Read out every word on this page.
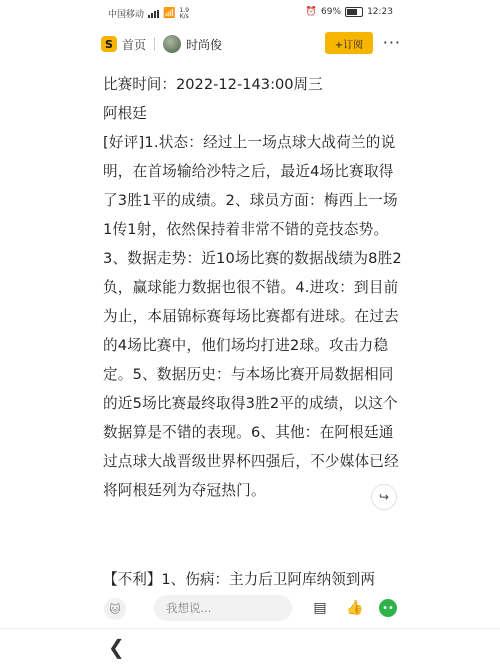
中国移动 📶 1.9
K/s	⏰ 69%	12:23
S 首页	时尚俊	+订阅	···

比赛时间：2022-12-143:00周三

阿根廷

[好评]1.状态：经过上一场点球大战荷兰的说明，在首场输给沙特之后，最近4场比赛取得了3胜1平的成绩。2、球员方面：梅西上一场1传1射，依然保持着非常不错的竞技态势。3、数据走势：近10场比赛的数据战绩为8胜2负，赢球能力数据也很不错。4.进攻：到目前为止，本届锦标赛每场比赛都有进球。在过去的4场比赛中，他们场均打进2球。攻击力稳定。5、数据历史：与本场比赛开局数据相同的近5场比赛最终取得3胜2平的成绩，以这个数据算是不错的表现。6、其他：在阿根廷通过点球大战晋级世界杯四强后，不少媒体已经将阿根廷列为夺冠热门。

【不利】1、伤病：主力后卫阿库纳领到两
↪
🐱	我想说...	▤ 👍	••
❮
